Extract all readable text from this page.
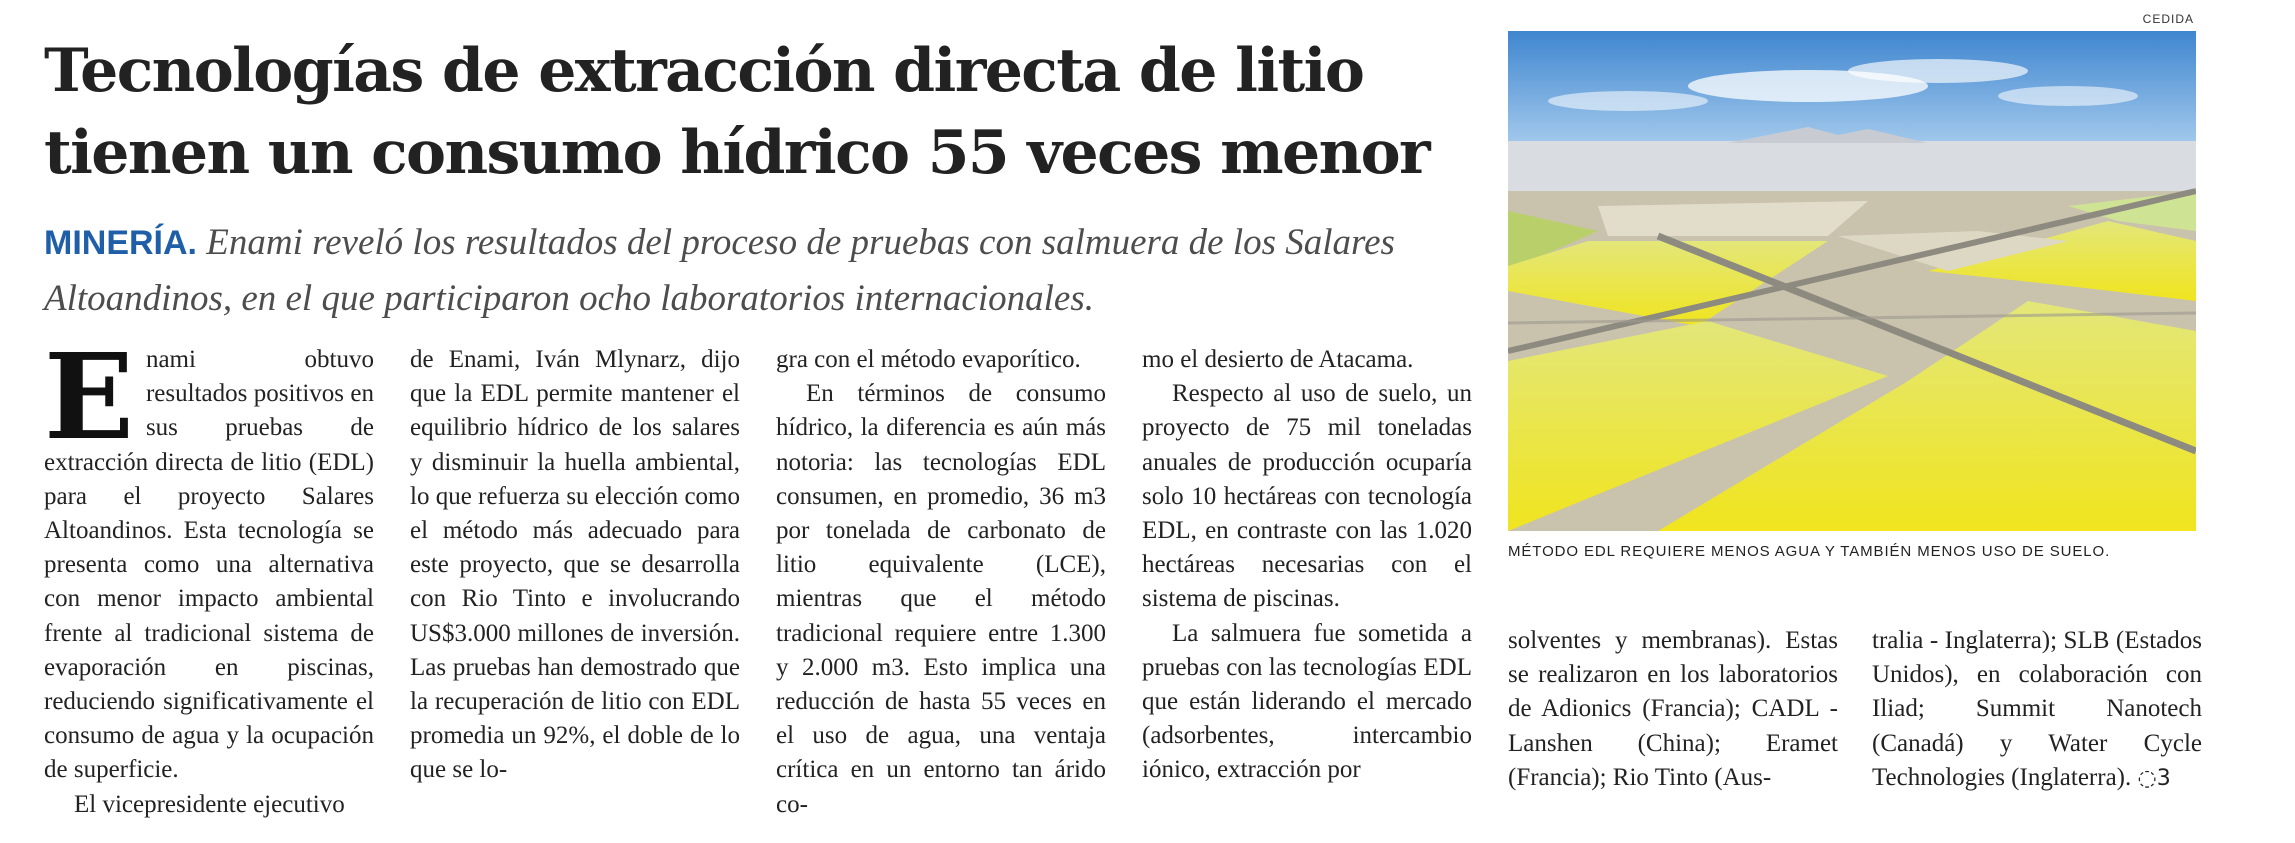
Tecnologías de extracción directa de litio
tienen un consumo hídrico 55 veces menor
MINERÍA. Enami reveló los resultados del proceso de pruebas con salmuera de los Salares Altoandinos, en el que participaron ocho laboratorios internacionales.
E nami obtuvo resultados positivos en sus pruebas de extracción directa de litio (EDL) para el proyecto Salares Altoandinos. Esta tecnología se presenta como una alternativa con menor impacto ambiental frente al tradicional sistema de evaporación en piscinas, reduciendo significativamente el consumo de agua y la ocupación de superficie.

El vicepresidente ejecutivo

de Enami, Iván Mlynarz, dijo que la EDL permite mantener el equilibrio hídrico de los salares y disminuir la huella ambiental, lo que refuerza su elección como el método más adecuado para este proyecto, que se desarrolla con Rio Tinto e involucrando US$3.000 millones de inversión. Las pruebas han demostrado que la recuperación de litio con EDL promedia un 92%, el doble de lo que se lo-

gra con el método evaporítico.

En términos de consumo hídrico, la diferencia es aún más notoria: las tecnologías EDL consumen, en promedio, 36 m3 por tonelada de carbonato de litio equivalente (LCE), mientras que el método tradicional requiere entre 1.300 y 2.000 m3. Esto implica una reducción de hasta 55 veces en el uso de agua, una ventaja crítica en un entorno tan árido co-

mo el desierto de Atacama.

Respecto al uso de suelo, un proyecto de 75 mil toneladas anuales de producción ocuparía solo 10 hectáreas con tecnología EDL, en contraste con las 1.020 hectáreas necesarias con el sistema de piscinas.

La salmuera fue sometida a pruebas con las tecnologías EDL que están liderando el mercado (adsorbentes, intercambio iónico, extracción por

solventes y membranas). Estas se realizaron en los laboratorios de Adionics (Francia); CADL - Lanshen (China); Eramet (Francia); Rio Tinto (Aus-

tralia - Inglaterra); SLB (Estados Unidos), en colaboración con Iliad; Summit Nanotech (Canadá) y Water Cycle Technologies (Inglaterra). ◌3

CEDIDA
MÉTODO EDL REQUIERE MENOS AGUA Y TAMBIÉN MENOS USO DE SUELO.
